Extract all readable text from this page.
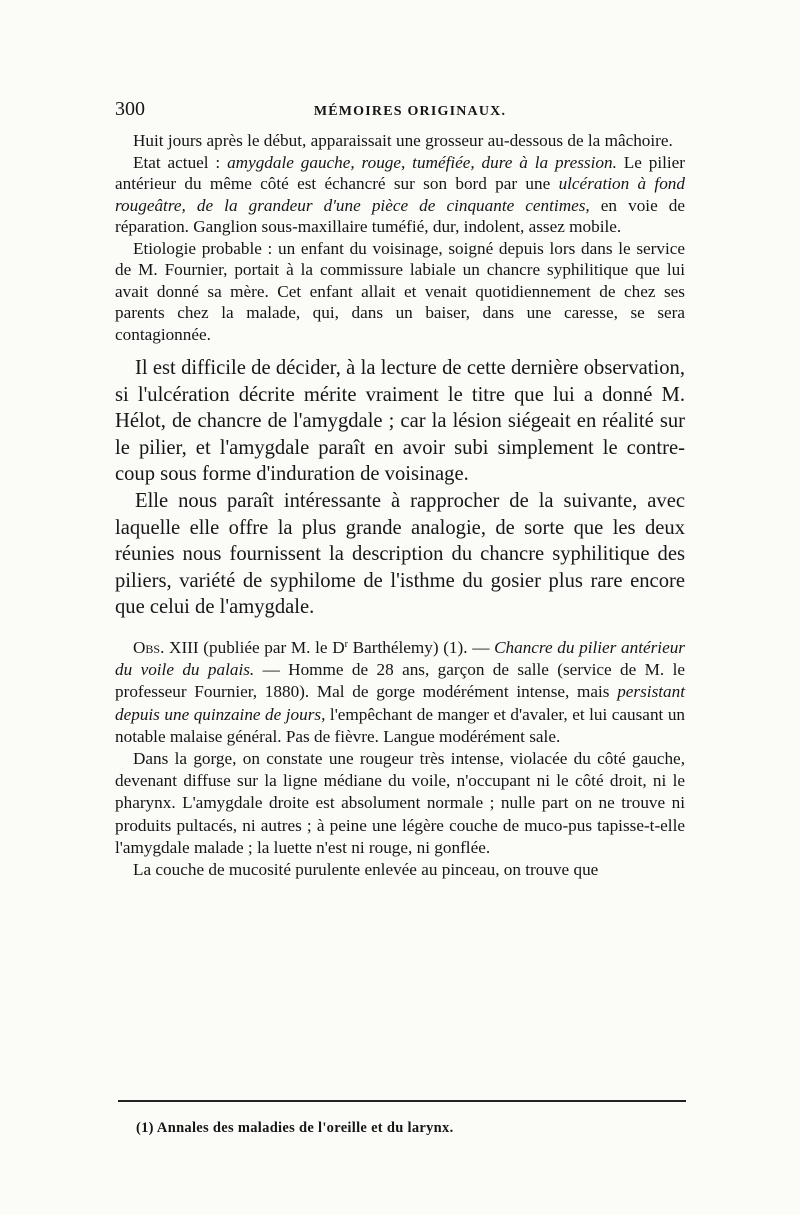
300	MÉMOIRES ORIGINAUX.

Huit jours après le début, apparaissait une grosseur au-dessous de la mâchoire.

Etat actuel : amygdale gauche, rouge, tuméfiée, dure à la pression. Le pilier antérieur du même côté est échancré sur son bord par une ulcération à fond rougeâtre, de la grandeur d'une pièce de cinquante centimes, en voie de réparation. Ganglion sous-maxillaire tuméfié, dur, indolent, assez mobile.

Etiologie probable : un enfant du voisinage, soigné depuis lors dans le service de M. Fournier, portait à la commissure labiale un chancre syphilitique que lui avait donné sa mère. Cet enfant allait et venait quotidiennement de chez ses parents chez la malade, qui, dans un baiser, dans une caresse, se sera contagionnée.

Il est difficile de décider, à la lecture de cette dernière observation, si l'ulcération décrite mérite vraiment le titre que lui a donné M. Hélot, de chancre de l'amygdale ; car la lésion siégeait en réalité sur le pilier, et l'amygdale paraît en avoir subi simplement le contre-coup sous forme d'induration de voisinage.

Elle nous paraît intéressante à rapprocher de la suivante, avec laquelle elle offre la plus grande analogie, de sorte que les deux réunies nous fournissent la description du chancre syphilitique des piliers, variété de syphilome de l'isthme du gosier plus rare encore que celui de l'amygdale.

Obs. XIII (publiée par M. le $D^r$ Barthélemy) (1). — Chancre du pilier antérieur du voile du palais. — Homme de 28 ans, garçon de salle (service de M. le professeur Fournier, 1880). Mal de gorge modérément intense, mais persistant depuis une quinzaine de jours, l'empêchant de manger et d'avaler, et lui causant un notable malaise général. Pas de fièvre. Langue modérément sale.

Dans la gorge, on constate une rougeur très intense, violacée du côté gauche, devenant diffuse sur la ligne médiane du voile, n'occupant ni le côté droit, ni le pharynx. L'amygdale droite est absolument normale ; nulle part on ne trouve ni produits pultacés, ni autres ; à peine une légère couche de muco-pus tapisse-t-elle l'amygdale malade ; la luette n'est ni rouge, ni gonflée.

La couche de mucosité purulente enlevée au pinceau, on trouve que

(1) Annales des maladies de l'oreille et du larynx.
